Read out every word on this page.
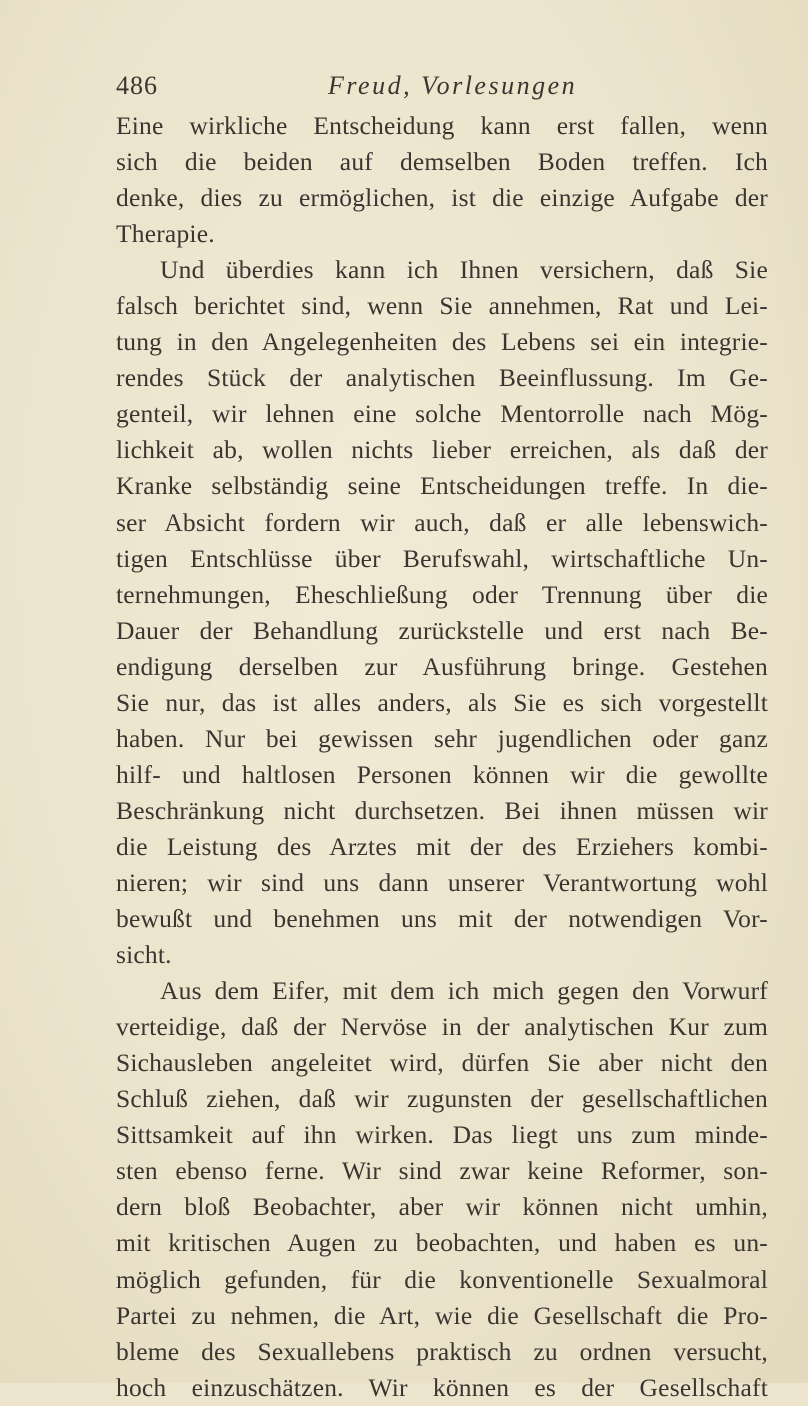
486	Freud, Vorlesungen
Eine wirkliche Entscheidung kann erst fallen, wenn
sich die beiden auf demselben Boden treffen. Ich
denke, dies zu ermöglichen, ist die einzige Aufgabe der
Therapie.
Und überdies kann ich Ihnen versichern, daß Sie
falsch berichtet sind, wenn Sie annehmen, Rat und Lei-
tung in den Angelegenheiten des Lebens sei ein integrie-
rendes Stück der analytischen Beeinflussung. Im Ge-
genteil, wir lehnen eine solche Mentorrolle nach Mög-
lichkeit ab, wollen nichts lieber erreichen, als daß der
Kranke selbständig seine Entscheidungen treffe. In die-
ser Absicht fordern wir auch, daß er alle lebenswich-
tigen Entschlüsse über Berufswahl, wirtschaftliche Un-
ternehmungen, Eheschließung oder Trennung über die
Dauer der Behandlung zurückstelle und erst nach Be-
endigung derselben zur Ausführung bringe. Gestehen
Sie nur, das ist alles anders, als Sie es sich vorgestellt
haben. Nur bei gewissen sehr jugendlichen oder ganz
hilf- und haltlosen Personen können wir die gewollte
Beschränkung nicht durchsetzen. Bei ihnen müssen wir
die Leistung des Arztes mit der des Erziehers kombi-
nieren; wir sind uns dann unserer Verantwortung wohl
bewußt und benehmen uns mit der notwendigen Vor-
sicht.
Aus dem Eifer, mit dem ich mich gegen den Vorwurf
verteidige, daß der Nervöse in der analytischen Kur zum
Sichausleben angeleitet wird, dürfen Sie aber nicht den
Schluß ziehen, daß wir zugunsten der gesellschaftlichen
Sittsamkeit auf ihn wirken. Das liegt uns zum minde-
sten ebenso ferne. Wir sind zwar keine Reformer, son-
dern bloß Beobachter, aber wir können nicht umhin,
mit kritischen Augen zu beobachten, und haben es un-
möglich gefunden, für die konventionelle Sexualmoral
Partei zu nehmen, die Art, wie die Gesellschaft die Pro-
bleme des Sexuallebens praktisch zu ordnen versucht,
hoch einzuschätzen. Wir können es der Gesellschaft
